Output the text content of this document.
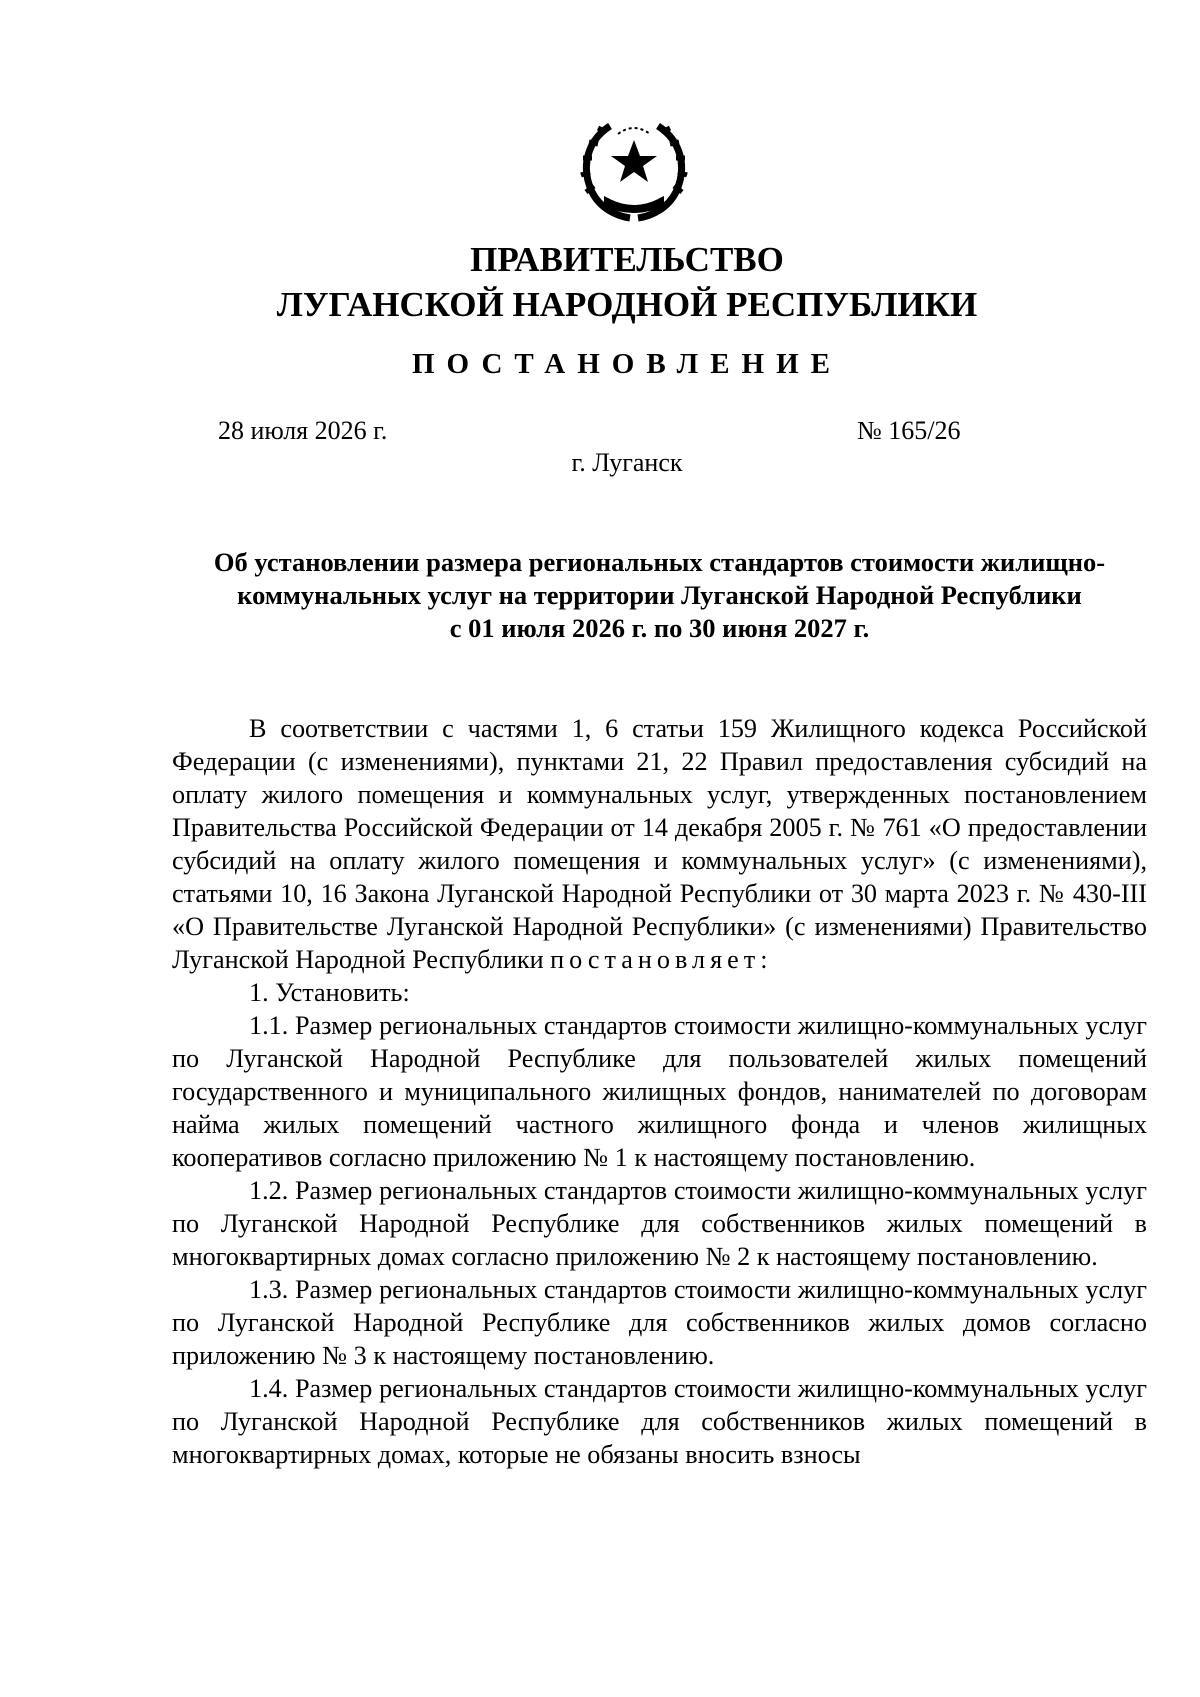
ПРАВИТЕЛЬСТВО
ЛУГАНСКОЙ НАРОДНОЙ РЕСПУБЛИКИ
ПОСТАНОВЛЕНИЕ
28 июля 2026 г.	№ 165/26
г. Луганск
Об установлении размера региональных стандартов стоимости жилищно-
коммунальных услуг на территории Луганской Народной Республики
с 01 июля 2026 г. по 30 июня 2027 г.

В соответствии с частями 1, 6 статьи 159 Жилищного кодекса Российской Федерации (с изменениями), пунктами 21, 22 Правил предоставления субсидий на оплату жилого помещения и коммунальных услуг, утвержденных постановлением Правительства Российской Федерации от 14 декабря 2005 г. № 761 «О предоставлении субсидий на оплату жилого помещения и коммунальных услуг» (с изменениями), статьями 10, 16 Закона Луганской Народной Республики от 30 марта 2023 г. № 430-III «О Правительстве Луганской Народной Республики» (с изменениями) Правительство Луганской Народной Республики постановляет:

1. Установить:

1.1. Размер региональных стандартов стоимости жилищно-коммунальных услуг по Луганской Народной Республике для пользователей жилых помещений государственного и муниципального жилищных фондов, нанимателей по договорам найма жилых помещений частного жилищного фонда и членов жилищных кооперативов согласно приложению № 1 к настоящему постановлению.

1.2. Размер региональных стандартов стоимости жилищно-коммунальных услуг по Луганской Народной Республике для собственников жилых помещений в многоквартирных домах согласно приложению № 2 к настоящему постановлению.

1.3. Размер региональных стандартов стоимости жилищно-коммунальных услуг по Луганской Народной Республике для собственников жилых домов согласно приложению № 3 к настоящему постановлению.

1.4. Размер региональных стандартов стоимости жилищно-коммунальных услуг по Луганской Народной Республике для собственников жилых помещений в многоквартирных домах, которые не обязаны вносить взносы
